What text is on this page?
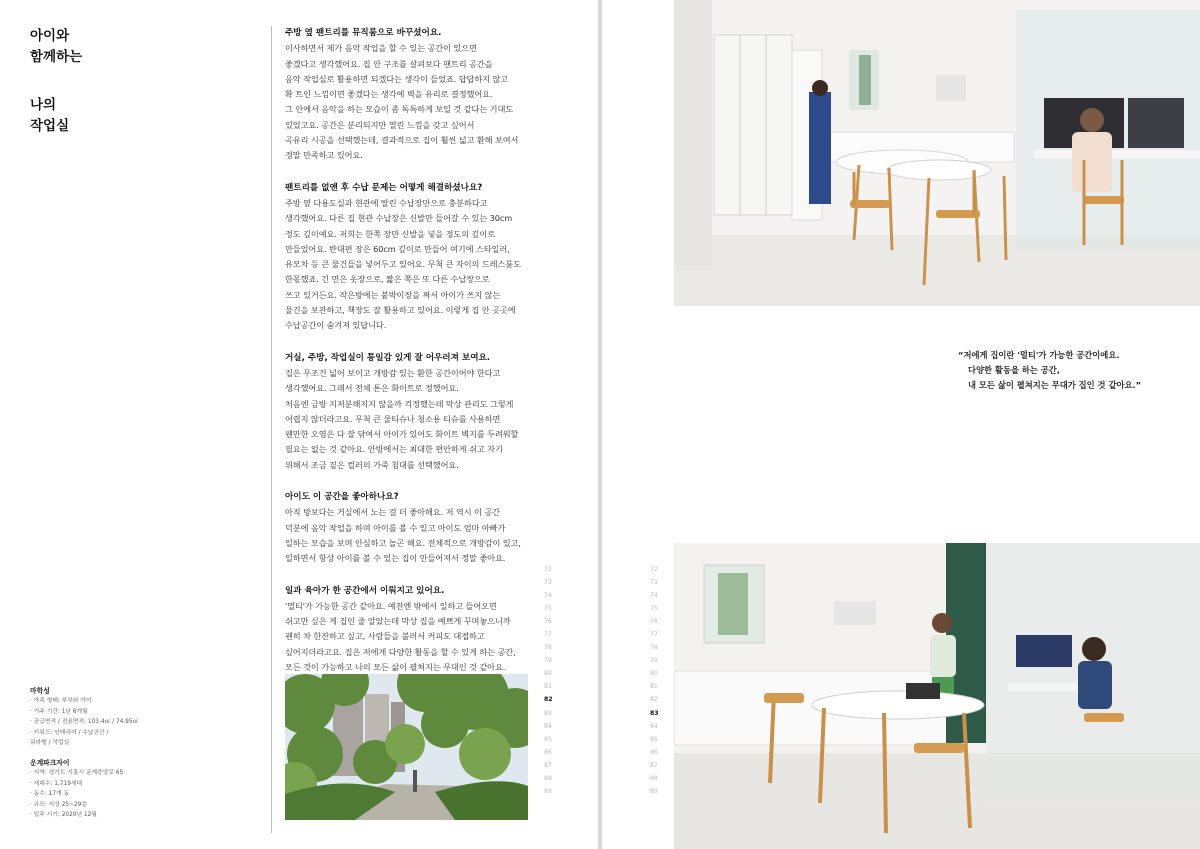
아이와
함께하는
나의
작업실
주방 옆 팬트리를 뮤직룸으로 바꾸셨어요.

이사하면서 제가 음악 작업을 할 수 있는 공간이 있으면

좋겠다고 생각했어요. 집 안 구조를 살펴보다 팬트리 공간을

음악 작업실로 활용하면 되겠다는 생각이 들었죠. 답답하지 않고

확 트인 느낌이면 좋겠다는 생각에 벽을 유리로 결정했어요.

그 안에서 음악을 하는 모습이 좀 독특하게 보일 것 같다는 기대도

있었고요. 공간은 분리되지만 열린 느낌을 갖고 싶어서

곡유리 시공을 선택했는데, 결과적으로 집이 훨씬 넓고 환해 보여서

정말 만족하고 있어요.

팬트리를 없앤 후 수납 문제는 어떻게 해결하셨나요?

주방 옆 다용도실과 현관에 딸린 수납장만으로 충분하다고

생각했어요. 다른 집 현관 수납장은 신발만 들어갈 수 있는 30cm

정도 깊이예요. 저희는 한쪽 장만 신발을 넣을 정도의 깊이로

만들었어요. 반대편 장은 60cm 깊이로 만들어 여기에 스타일러,

유모차 등 큰 물건들을 넣어두고 있어요. 무척 큰 자이의 드레스룸도

한몫했죠. 긴 면은 옷장으로, 짧은 쪽은 또 다른 수납장으로

쓰고 있거든요. 작은방에는 붙박이장을 짜서 아이가 쓰지 않는

물건을 보관하고, 책장도 잘 활용하고 있어요. 이렇게 집 안 곳곳에

수납공간이 숨겨져 있답니다.

거실, 주방, 작업실이 통일감 있게 잘 어우러져 보여요.

집은 무조건 넓어 보이고 개방감 있는 환한 공간이어야 한다고

생각했어요. 그래서 전체 톤은 화이트로 정했어요.

처음엔 금방 지저분해지지 않을까 걱정했는데 막상 관리도 그렇게

어렵지 않더라고요. 무척 큰 물티슈나 청소용 티슈를 사용하면

웬만한 오염은 다 잘 닦여서 아이가 있어도 화이트 벽지를 두려워할

필요는 없는 것 같아요. 안방에서는 최대한 편안하게 쉬고 자기

위해서 조금 짙은 컬러의 가죽 침대를 선택했어요.

아이도 이 공간을 좋아하나요?

아직 방보다는 거실에서 노는 걸 더 좋아해요. 저 역시 이 공간

덕분에 음악 작업을 하며 아이를 볼 수 있고 아이도 엄마 아빠가

일하는 모습을 보며 안심하고 놀곤 해요. 전체적으로 개방감이 있고,

일하면서 항상 아이를 볼 수 있는 집이 만들어져서 정말 좋아요.

일과 육아가 한 공간에서 이뤄지고 있어요.

'멀티'가 가능한 공간 같아요. 예전엔 밖에서 일하고 들어오면

쉬고만 싶은 게 집인 줄 알았는데 막상 집을 예쁘게 꾸며놓으니까

괜히 차 한잔하고 싶고, 사람들을 불러서 커피도 대접하고

싶어지더라고요. 집은 저에게 다양한 활동을 할 수 있게 하는 공간,

모든 것이 가능하고 나의 모든 삶이 펼쳐지는 무대인 것 같아요.

마학성
· 가족 형태: 부부와 아이
· 거주 기간: 1년 6개월
· 공급면적 / 전용면적: 103.4㎡ / 74.95㎡
· 키워드: 인테리어 / 수납공간 /
워라밸 / 작업실
운계파크자이
· 지역: 경기도 시흥시 운계중앙로 65
· 세대수: 1,719세대
· 동수: 17개 동
· 규모: 지상 25~29층
· 입주 시기: 2020년 12월
72
73
74
75
76
77
78
79
80
81
82
83
84
85
86
87
88
89
“저에게 집이란 '멀티'가 가능한 공간이에요.
다양한 활동을 하는 공간,
내 모든 삶이 펼쳐지는 무대가 집인 것 같아요.”
72
73
74
75
76
77
78
79
80
81
82
83
84
85
86
87
88
89
